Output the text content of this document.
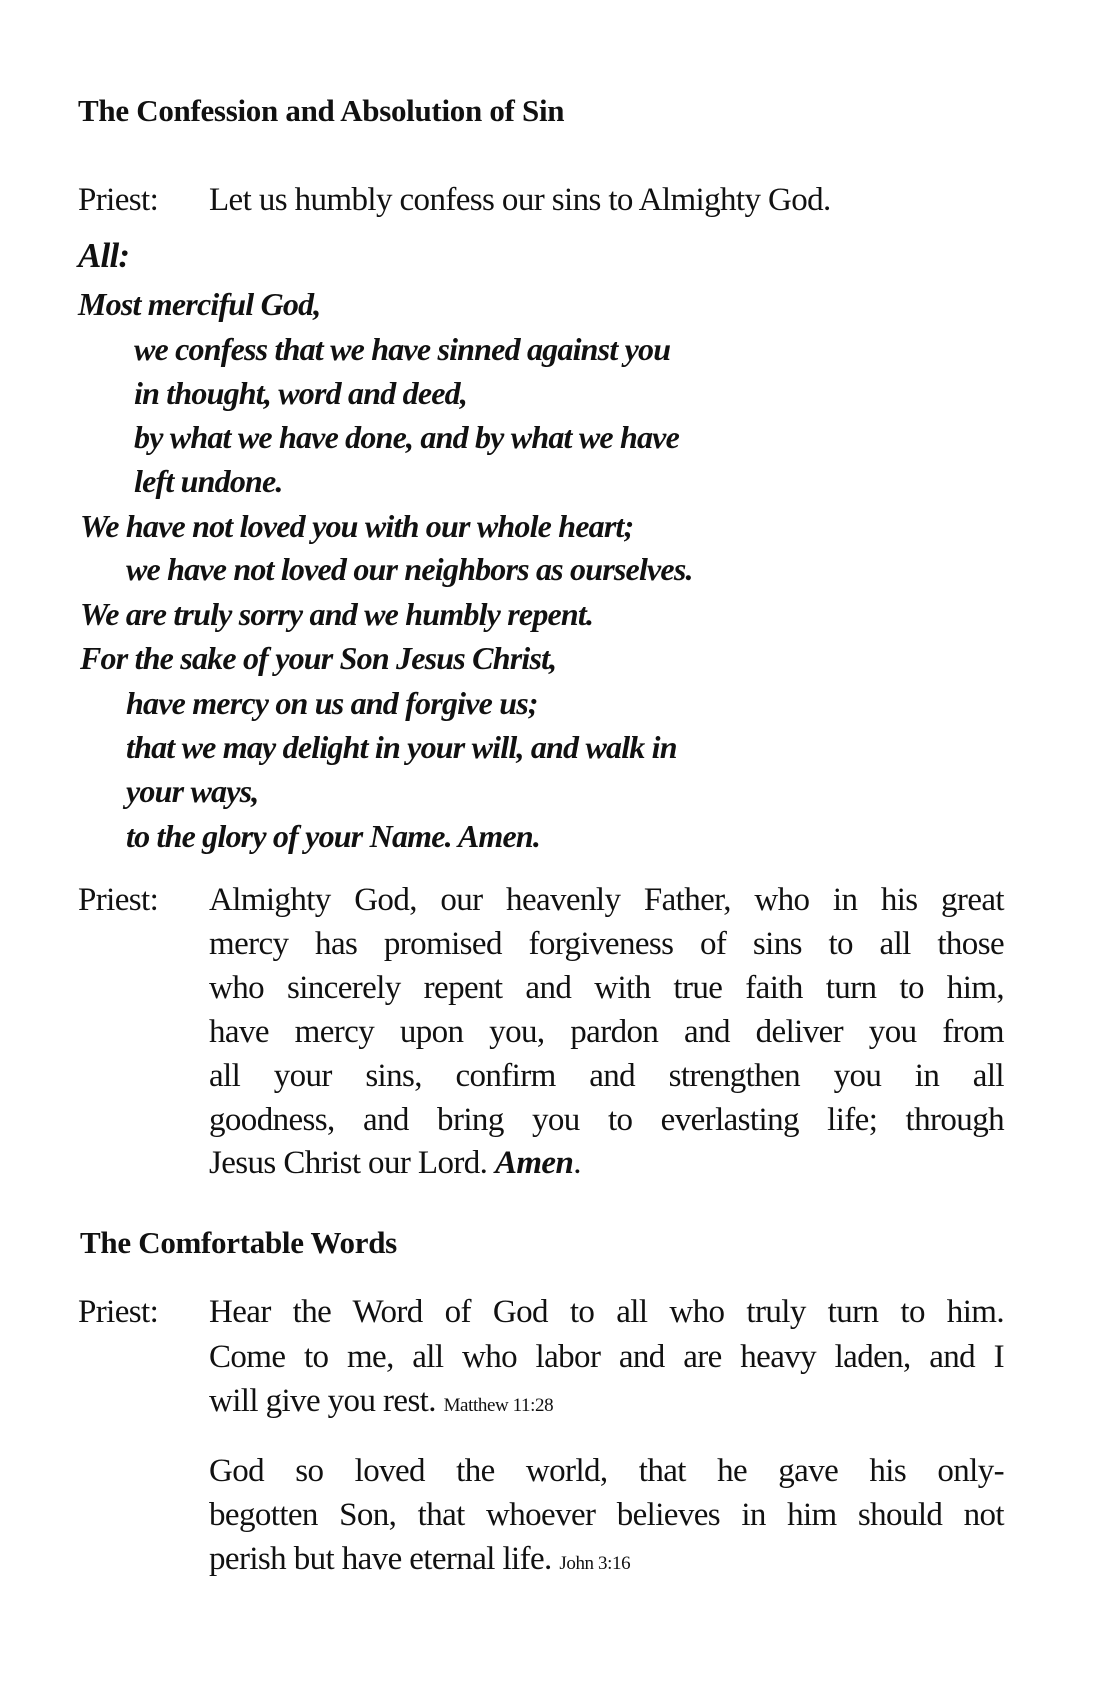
The Confession and Absolution of Sin
Priest: Let us humbly confess our sins to Almighty God.
All:
Most merciful God,
we confess that we have sinned against you
in thought, word and deed,
by what we have done, and by what we have
left undone.
We have not loved you with our whole heart;
we have not loved our neighbors as ourselves.
We are truly sorry and we humbly repent.
For the sake of your Son Jesus Christ,
have mercy on us and forgive us;
that we may delight in your will, and walk in
your ways,
to the glory of your Name. Amen.
Priest: Almighty God, our heavenly Father, who in his great
mercy has promised forgiveness of sins to all those
who sincerely repent and with true faith turn to him,
have mercy upon you, pardon and deliver you from
all your sins, confirm and strengthen you in all
goodness, and bring you to everlasting life; through
Jesus Christ our Lord. Amen.
The Comfortable Words
Priest: Hear the Word of God to all who truly turn to him.
Come to me, all who labor and are heavy laden, and I
will give you rest. Matthew 11:28
God so loved the world, that he gave his only-
begotten Son, that whoever believes in him should not
perish but have eternal life. John 3:16
